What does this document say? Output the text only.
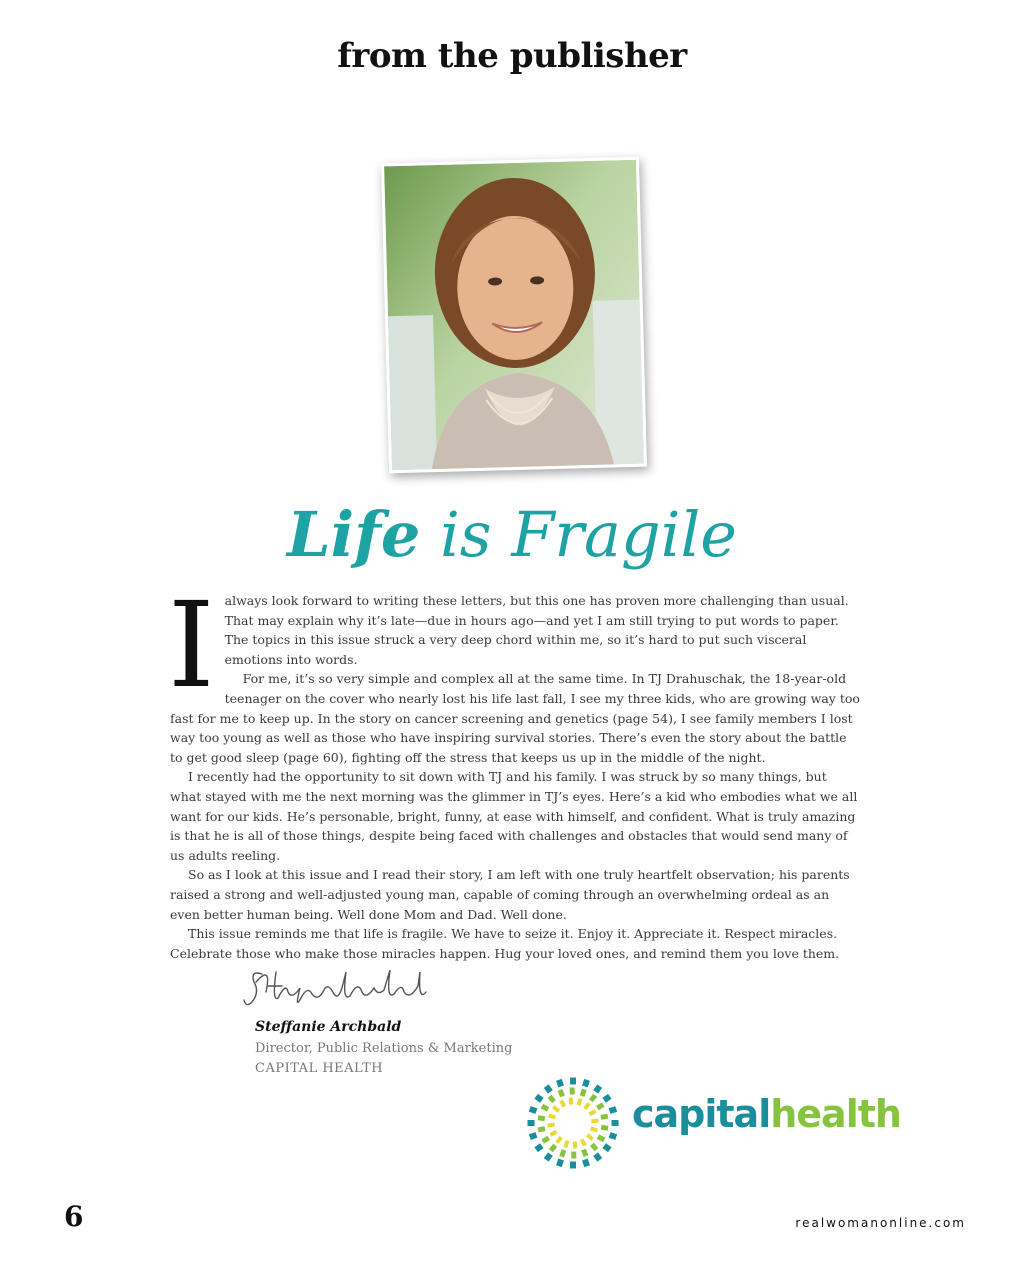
from the publisher
Life is Fragile

I always look forward to writing these letters, but this one has proven more challenging than usual. That may explain why it’s late—due in hours ago—and yet I am still trying to put words to paper. The topics in this issue struck a very deep chord within me, so it’s hard to put such visceral emotions into words.

For me, it’s so very simple and complex all at the same time. In TJ Drahuschak, the 18-year-old teenager on the cover who nearly lost his life last fall, I see my three kids, who are growing way too fast for me to keep up. In the story on cancer screening and genetics (page 54), I see family members I lost way too young as well as those who have inspiring survival stories. There’s even the story about the battle to get good sleep (page 60), fighting off the stress that keeps us up in the middle of the night.

I recently had the opportunity to sit down with TJ and his family. I was struck by so many things, but what stayed with me the next morning was the glimmer in TJ’s eyes. Here’s a kid who embodies what we all want for our kids. He’s personable, bright, funny, at ease with himself, and confident. What is truly amazing is that he is all of those things, despite being faced with challenges and obstacles that would send many of us adults reeling.

So as I look at this issue and I read their story, I am left with one truly heartfelt observation; his parents raised a strong and well-adjusted young man, capable of coming through an overwhelming ordeal as an even better human being. Well done Mom and Dad. Well done.

This issue reminds me that life is fragile. We have to seize it. Enjoy it. Appreciate it. Respect miracles. Celebrate those who make those miracles happen. Hug your loved ones, and remind them you love them.

Steffanie Archbald
Director, Public Relations & Marketing
CAPITAL HEALTH
capitalhealth
6	realwomanonline.com
